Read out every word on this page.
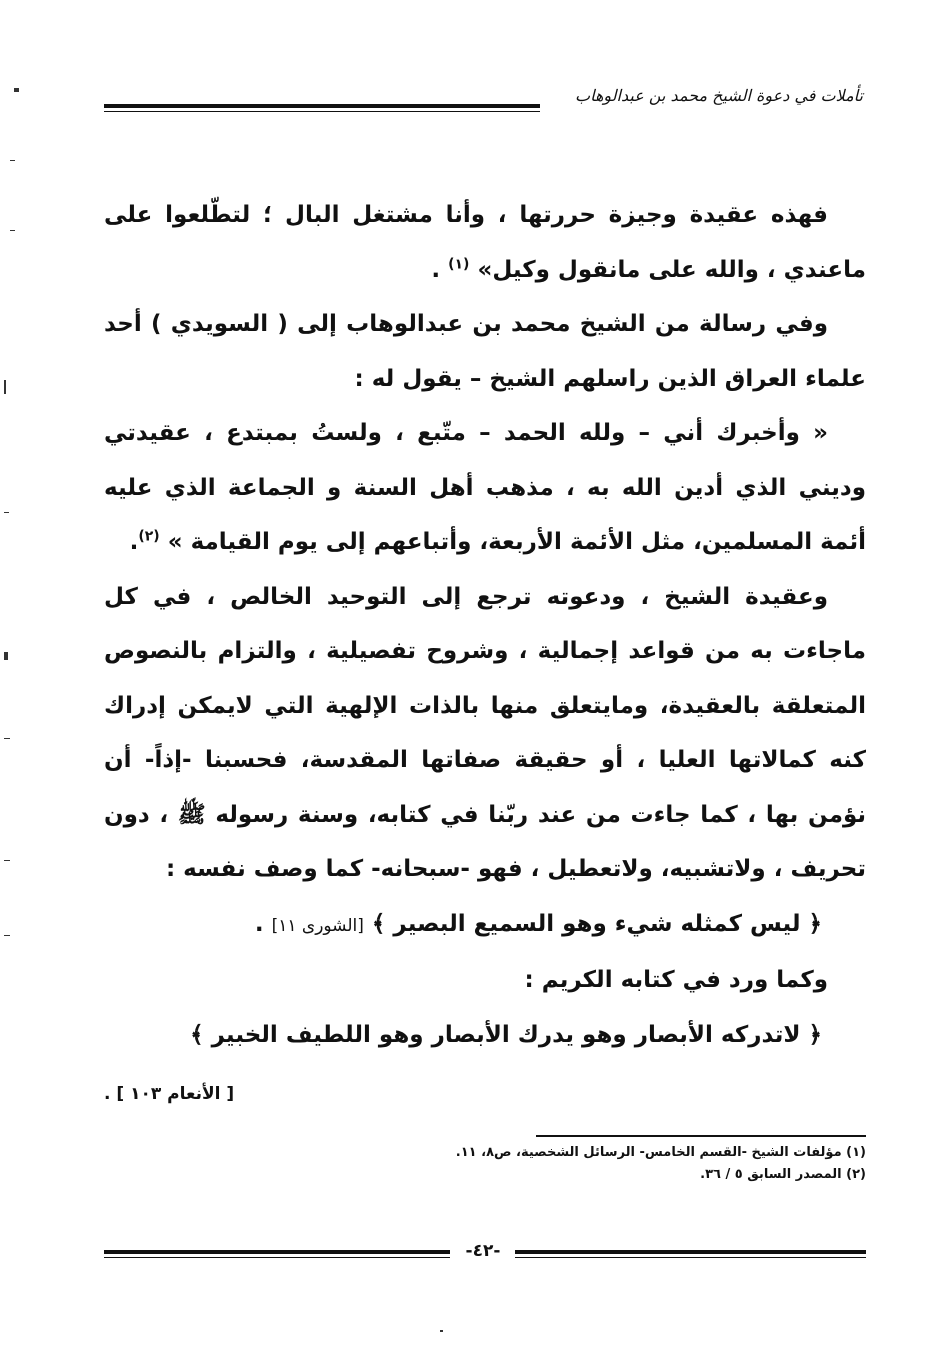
تأملات في دعوة الشيخ محمد بن عبدالوهاب

فهذه عقيدة وجيزة حررتها ، وأنا مشتغل البال ؛ لتطّلعوا على ماعندي ، والله على مانقول وكيل» $^{(١)}$ .

وفي رسالة من الشيخ محمد بن عبدالوهاب إلى ( السويدي ) أحد علماء العراق الذين راسلهم الشيخ – يقول له :

« وأخبرك أني – ولله الحمد – متّبع ، ولستُ بمبتدع ، عقيدتي وديني الذي أدين الله به ، مذهب أهل السنة و الجماعة الذي عليه أئمة المسلمين، مثل الأئمة الأربعة، وأتباعهم إلى يوم القيامة » $^{(٢)}$.

وعقيدة الشيخ ، ودعوته ترجع إلى التوحيد الخالص ، في كل ماجاءت به من قواعد إجمالية ، وشروح تفصيلية ، والتزام بالنصوص المتعلقة بالعقيدة، ومايتعلق منها بالذات الإلهية التي لايمكن إدراك كنه كمالاتها العليا ، أو حقيقة صفاتها المقدسة، فحسبنا -إذاً- أن نؤمن بها ، كما جاءت من عند ربّنا في كتابه، وسنة رسوله ﷺ ، دون تحريف ، ولاتشبيه، ولاتعطيل ، فهو -سبحانه- كما وصف نفسه :

﴿ ليس كمثله شيء وهو السميع البصير ﴾ [الشورى ١١] .

وكما ورد في كتابه الكريم :

﴿ لاتدركه الأبصار وهو يدرك الأبصار وهو اللطيف الخبير ﴾

[ الأنعام ١٠٣ ] .
(١) مؤلفات الشيخ -القسم الخامس- الرسائل الشخصية، ص٨، ١١.
(٢) المصدر السابق ٥ / ٣٦.
-٤٢-
